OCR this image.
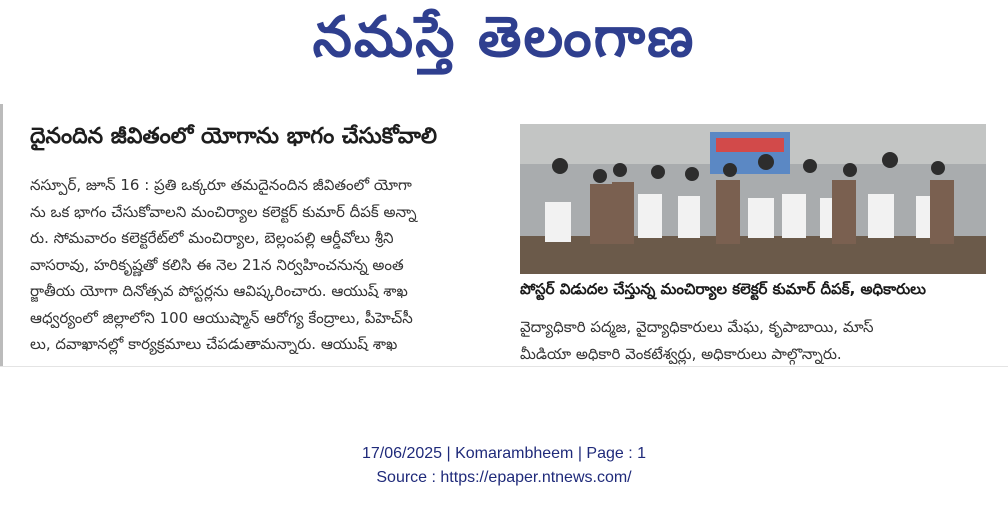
నమస్తే తెలంగాణ
దైనందిన జీవితంలో యోగాను భాగం చేసుకోవాలి

నస్పూర్, జూన్ 16 : ప్రతి ఒక్కరూ తమదైనందిన జీవితంలో యోగా

ను ఒక భాగం చేసుకోవాలని మంచిర్యాల కలెక్టర్ కుమార్ దీపక్ అన్నా

రు. సోమవారం కలెక్టరేట్‌లో మంచిర్యాల, బెల్లంపల్లి ఆర్డీవోలు శ్రీని

వాసరావు, హరికృష్ణతో కలిసి ఈ నెల 21న నిర్వహించనున్న అంత

ర్జాతీయ యోగా దినోత్సవ పోస్టర్లను ఆవిష్కరించారు. ఆయుష్ శాఖ

ఆధ్వర్యంలో జిల్లాలోని 100 ఆయుష్మాన్ ఆరోగ్య కేంద్రాలు, పీహెచ్‌సీ

లు, దవాఖానల్లో కార్యక్రమాలు చేపడుతామన్నారు. ఆయుష్ శాఖ

పోస్టర్ విడుదల చేస్తున్న మంచిర్యాల కలెక్టర్ కుమార్ దీపక్, అధికారులు

వైద్యాధికారి పద్మజ, వైద్యాధికారులు మేఘ, కృపాబాయి, మాస్

మీడియా అధికారి వెంకటేశ్వర్లు, అధికారులు పాల్గొన్నారు.

17/06/2025 | Komarambheem | Page : 1
Source : https://epaper.ntnews.com/
